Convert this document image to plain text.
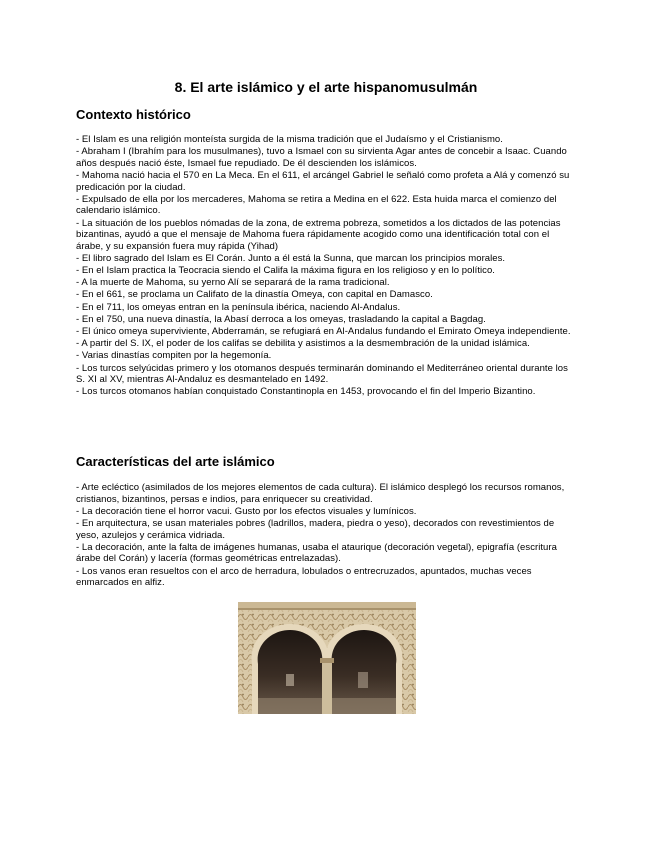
8. El arte islámico y el arte hispanomusulmán
Contexto histórico

- El Islam es una religión monteísta surgida de la misma tradición que el Judaísmo y el Cristianismo.

- Abraham I (Ibrahím para los musulmanes), tuvo a Ismael con su sirvienta Agar antes de concebir a Isaac. Cuando años después nació éste, Ismael fue repudiado. De él descienden los islámicos.

- Mahoma nació hacia el 570 en La Meca. En el 611, el arcángel Gabriel le señaló como profeta a Alá y comenzó su predicación por la ciudad.

- Expulsado de ella por los mercaderes, Mahoma se retira a Medina en el 622. Esta huida marca el comienzo del calendario islámico.

- La situación de los pueblos nómadas de la zona, de extrema pobreza, sometidos a los dictados de las potencias bizantinas, ayudó a que el mensaje de Mahoma fuera rápidamente acogido como una identificación total con el árabe, y su expansión fuera muy rápida (Yihad)

- El libro sagrado del Islam es El Corán. Junto a él está la Sunna, que marcan los principios morales.

- En el Islam practica la Teocracia siendo el Califa la máxima figura en los religioso y en lo político.

- A la muerte de Mahoma, su yerno Alí se separará de la rama tradicional.

- En el 661, se proclama un Califato de la dinastía Omeya, con capital en Damasco.

- En el 711, los omeyas entran en la península ibérica, naciendo Al-Andalus.

- En el 750, una nueva dinastía, la Abasí derroca a los omeyas, trasladando la capital a Bagdag.

- El único omeya superviviente, Abderramán, se refugiará en Al-Andalus fundando el Emirato Omeya independiente.

- A partir del S. IX, el poder de los califas se debilita y asistimos a la desmembración de la unidad islámica.

- Varias dinastías compiten por la hegemonía.

- Los turcos selyúcidas primero y los otomanos después terminarán dominando el Mediterráneo oriental durante los S. XI al XV, mientras Al-Andaluz es desmantelado en 1492.

- Los turcos otomanos habían conquistado Constantinopla en 1453, provocando el fin del Imperio Bizantino.

Características del arte islámico

- Arte ecléctico (asimilados de los mejores elementos de cada cultura). El islámico desplegó los recursos romanos, cristianos, bizantinos, persas e indios, para enriquecer su creatividad.

- La decoración tiene el horror vacui. Gusto por los efectos visuales y lumínicos.

- En arquitectura, se usan materiales pobres (ladrillos, madera, piedra o yeso), decorados con revestimientos de yeso, azulejos y cerámica vidriada.

- La decoración, ante la falta de imágenes humanas, usaba el ataurique (decoración vegetal), epigrafía (escritura árabe del Corán) y lacería (formas geométricas entrelazadas).

- Los vanos eran resueltos con el arco de herradura, lobulados o entrecruzados, apuntados, muchas veces enmarcados en alfiz.
